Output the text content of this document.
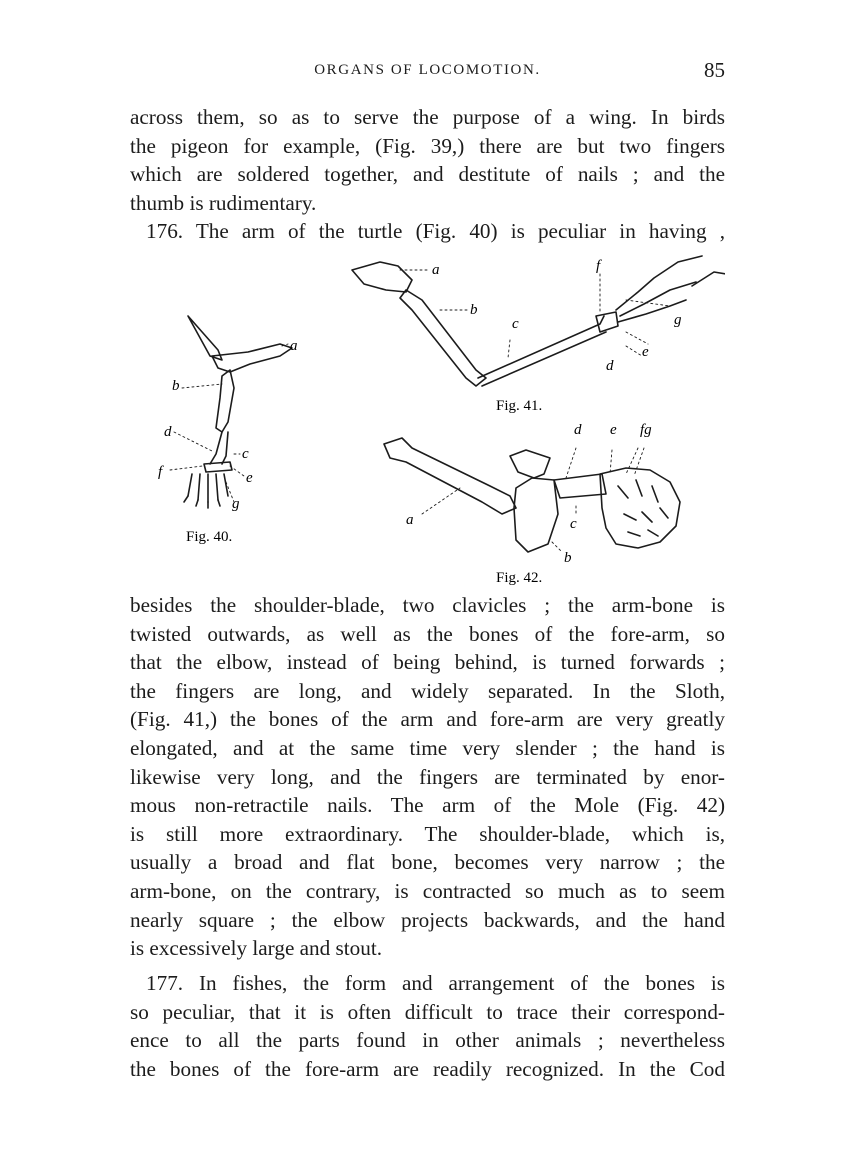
ORGANS OF LOCOMOTION.	85

across them, so as to serve the purpose of a wing. In birds
the pigeon for example, (Fig. 39,) there are but two fingers
which are soldered together, and destitute of nails ; and the
thumb is rudimentary.
176. The arm of the turtle (Fig. 40) is peculiar in having ,

a
b
d
c
f	e
g
Fig. 40.
a	f
b
c	g
e
d
Fig. 41.
d e fg
a	c
b
Fig. 42.

besides the shoulder-blade, two clavicles ; the arm-bone is
twisted outwards, as well as the bones of the fore-arm, so
that the elbow, instead of being behind, is turned forwards ;
the fingers are long, and widely separated. In the Sloth,
(Fig. 41,) the bones of the arm and fore-arm are very greatly
elongated, and at the same time very slender ; the hand is
likewise very long, and the fingers are terminated by enor-
mous non-retractile nails. The arm of the Mole (Fig. 42)
is still more extraordinary. The shoulder-blade, which is,
usually a broad and flat bone, becomes very narrow ; the
arm-bone, on the contrary, is contracted so much as to seem
nearly square ; the elbow projects backwards, and the hand
is excessively large and stout.

177. In fishes, the form and arrangement of the bones is
so peculiar, that it is often difficult to trace their correspond-
ence to all the parts found in other animals ; nevertheless
the bones of the fore-arm are readily recognized. In the Cod
